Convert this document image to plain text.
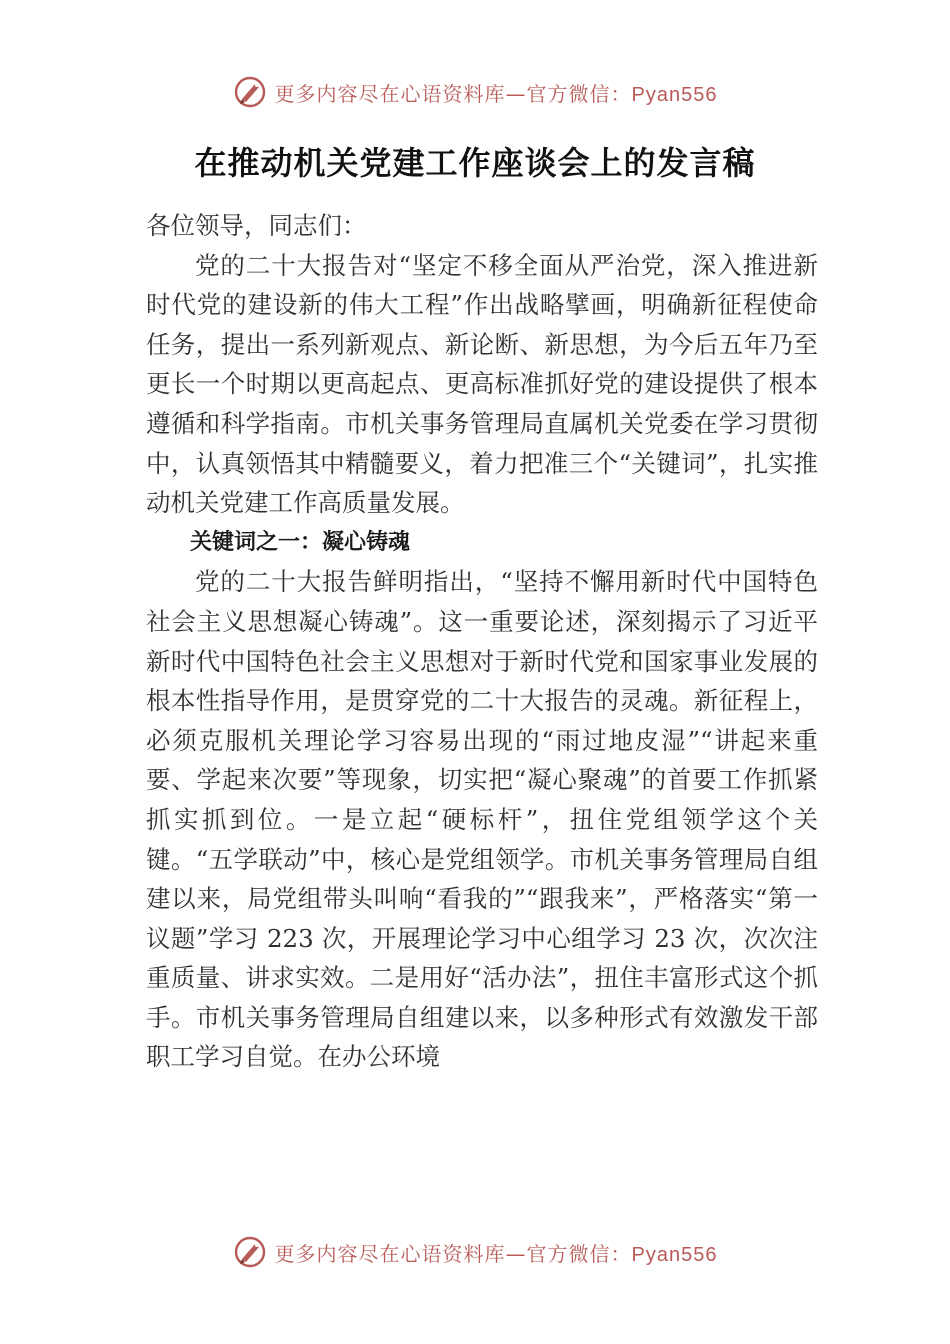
更多内容尽在心语资料库—官方微信：Pyan556
在推动机关党建工作座谈会上的发言稿

各位领导，同志们：

党的二十大报告对“坚定不移全面从严治党，深入推进新时代党的建设新的伟大工程”作出战略擘画，明确新征程使命任务，提出一系列新观点、新论断、新思想，为今后五年乃至更长一个时期以更高起点、更高标准抓好党的建设提供了根本遵循和科学指南。市机关事务管理局直属机关党委在学习贯彻中，认真领悟其中精髓要义，着力把准三个“关键词”，扎实推动机关党建工作高质量发展。

关键词之一：凝心铸魂

党的二十大报告鲜明指出，“坚持不懈用新时代中国特色社会主义思想凝心铸魂”。这一重要论述，深刻揭示了习近平新时代中国特色社会主义思想对于新时代党和国家事业发展的根本性指导作用，是贯穿党的二十大报告的灵魂。新征程上，必须克服机关理论学习容易出现的“雨过地皮湿”“讲起来重要、学起来次要”等现象，切实把“凝心聚魂”的首要工作抓紧抓实抓到位。一是立起“硬标杆”，扭住党组领学这个关键。“五学联动”中，核心是党组领学。市机关事务管理局自组建以来，局党组带头叫响“看我的”“跟我来”，严格落实“第一议题”学习 223 次，开展理论学习中心组学习 23 次，次次注重质量、讲求实效。二是用好“活办法”，扭住丰富形式这个抓手。市机关事务管理局自组建以来，以多种形式有效激发干部职工学习自觉。在办公环境

更多内容尽在心语资料库—官方微信：Pyan556
